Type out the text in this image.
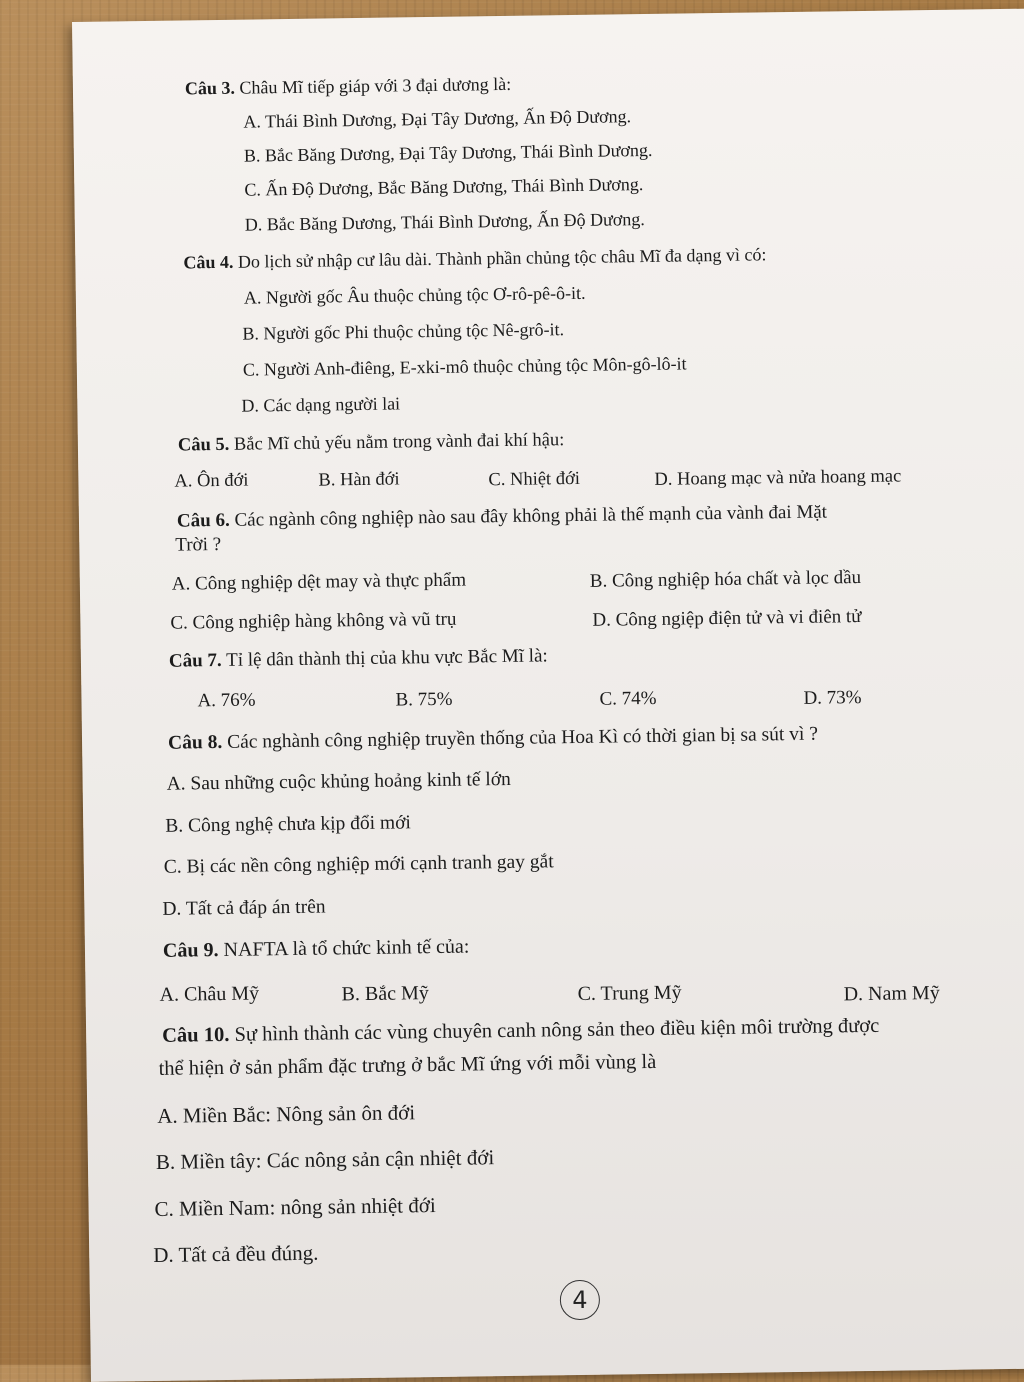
Câu 3. Châu Mĩ tiếp giáp với 3 đại dương là:
A. Thái Bình Dương, Đại Tây Dương, Ấn Độ Dương.
B. Bắc Băng Dương, Đại Tây Dương, Thái Bình Dương.
C. Ấn Độ Dương, Bắc Băng Dương, Thái Bình Dương.
D. Bắc Băng Dương, Thái Bình Dương, Ấn Độ Dương.
Câu 4. Do lịch sử nhập cư lâu dài. Thành phần chủng tộc châu Mĩ đa dạng vì có:
A. Người gốc Âu thuộc chủng tộc Ơ-rô-pê-ô-it.
B. Người gốc Phi thuộc chủng tộc Nê-grô-it.
C. Người Anh-điêng, E-xki-mô thuộc chủng tộc Môn-gô-lô-it
D. Các dạng người lai
Câu 5. Bắc Mĩ chủ yếu nằm trong vành đai khí hậu:
A. Ôn đới	B. Hàn đới	C. Nhiệt đới	D. Hoang mạc và nửa hoang mạc
Câu 6. Các ngành công nghiệp nào sau đây không phải là thế mạnh của vành đai Mặt
Trời ?
A. Công nghiệp dệt may và thực phẩm	B. Công nghiệp hóa chất và lọc dầu
C. Công nghiệp hàng không và vũ trụ	D. Công ngiệp điện tử và vi điên tử
Câu 7. Tỉ lệ dân thành thị của khu vực Bắc Mĩ là:
A. 76%	B. 75%	C. 74%	D. 73%
Câu 8. Các nghành công nghiệp truyền thống của Hoa Kì có thời gian bị sa sút vì ?
A. Sau những cuộc khủng hoảng kinh tế lớn
B. Công nghệ chưa kịp đổi mới
C. Bị các nền công nghiệp mới cạnh tranh gay gắt
D. Tất cả đáp án trên
Câu 9. NAFTA là tổ chức kinh tế của:
A. Châu Mỹ	B. Bắc Mỹ	C. Trung Mỹ	D. Nam Mỹ
Câu 10. Sự hình thành các vùng chuyên canh nông sản theo điều kiện môi trường được
thể hiện ở sản phẩm đặc trưng ở bắc Mĩ ứng với mỗi vùng là
A. Miền Bắc: Nông sản ôn đới
B. Miền tây: Các nông sản cận nhiệt đới
C. Miền Nam: nông sản nhiệt đới
D. Tất cả đều đúng.
4
